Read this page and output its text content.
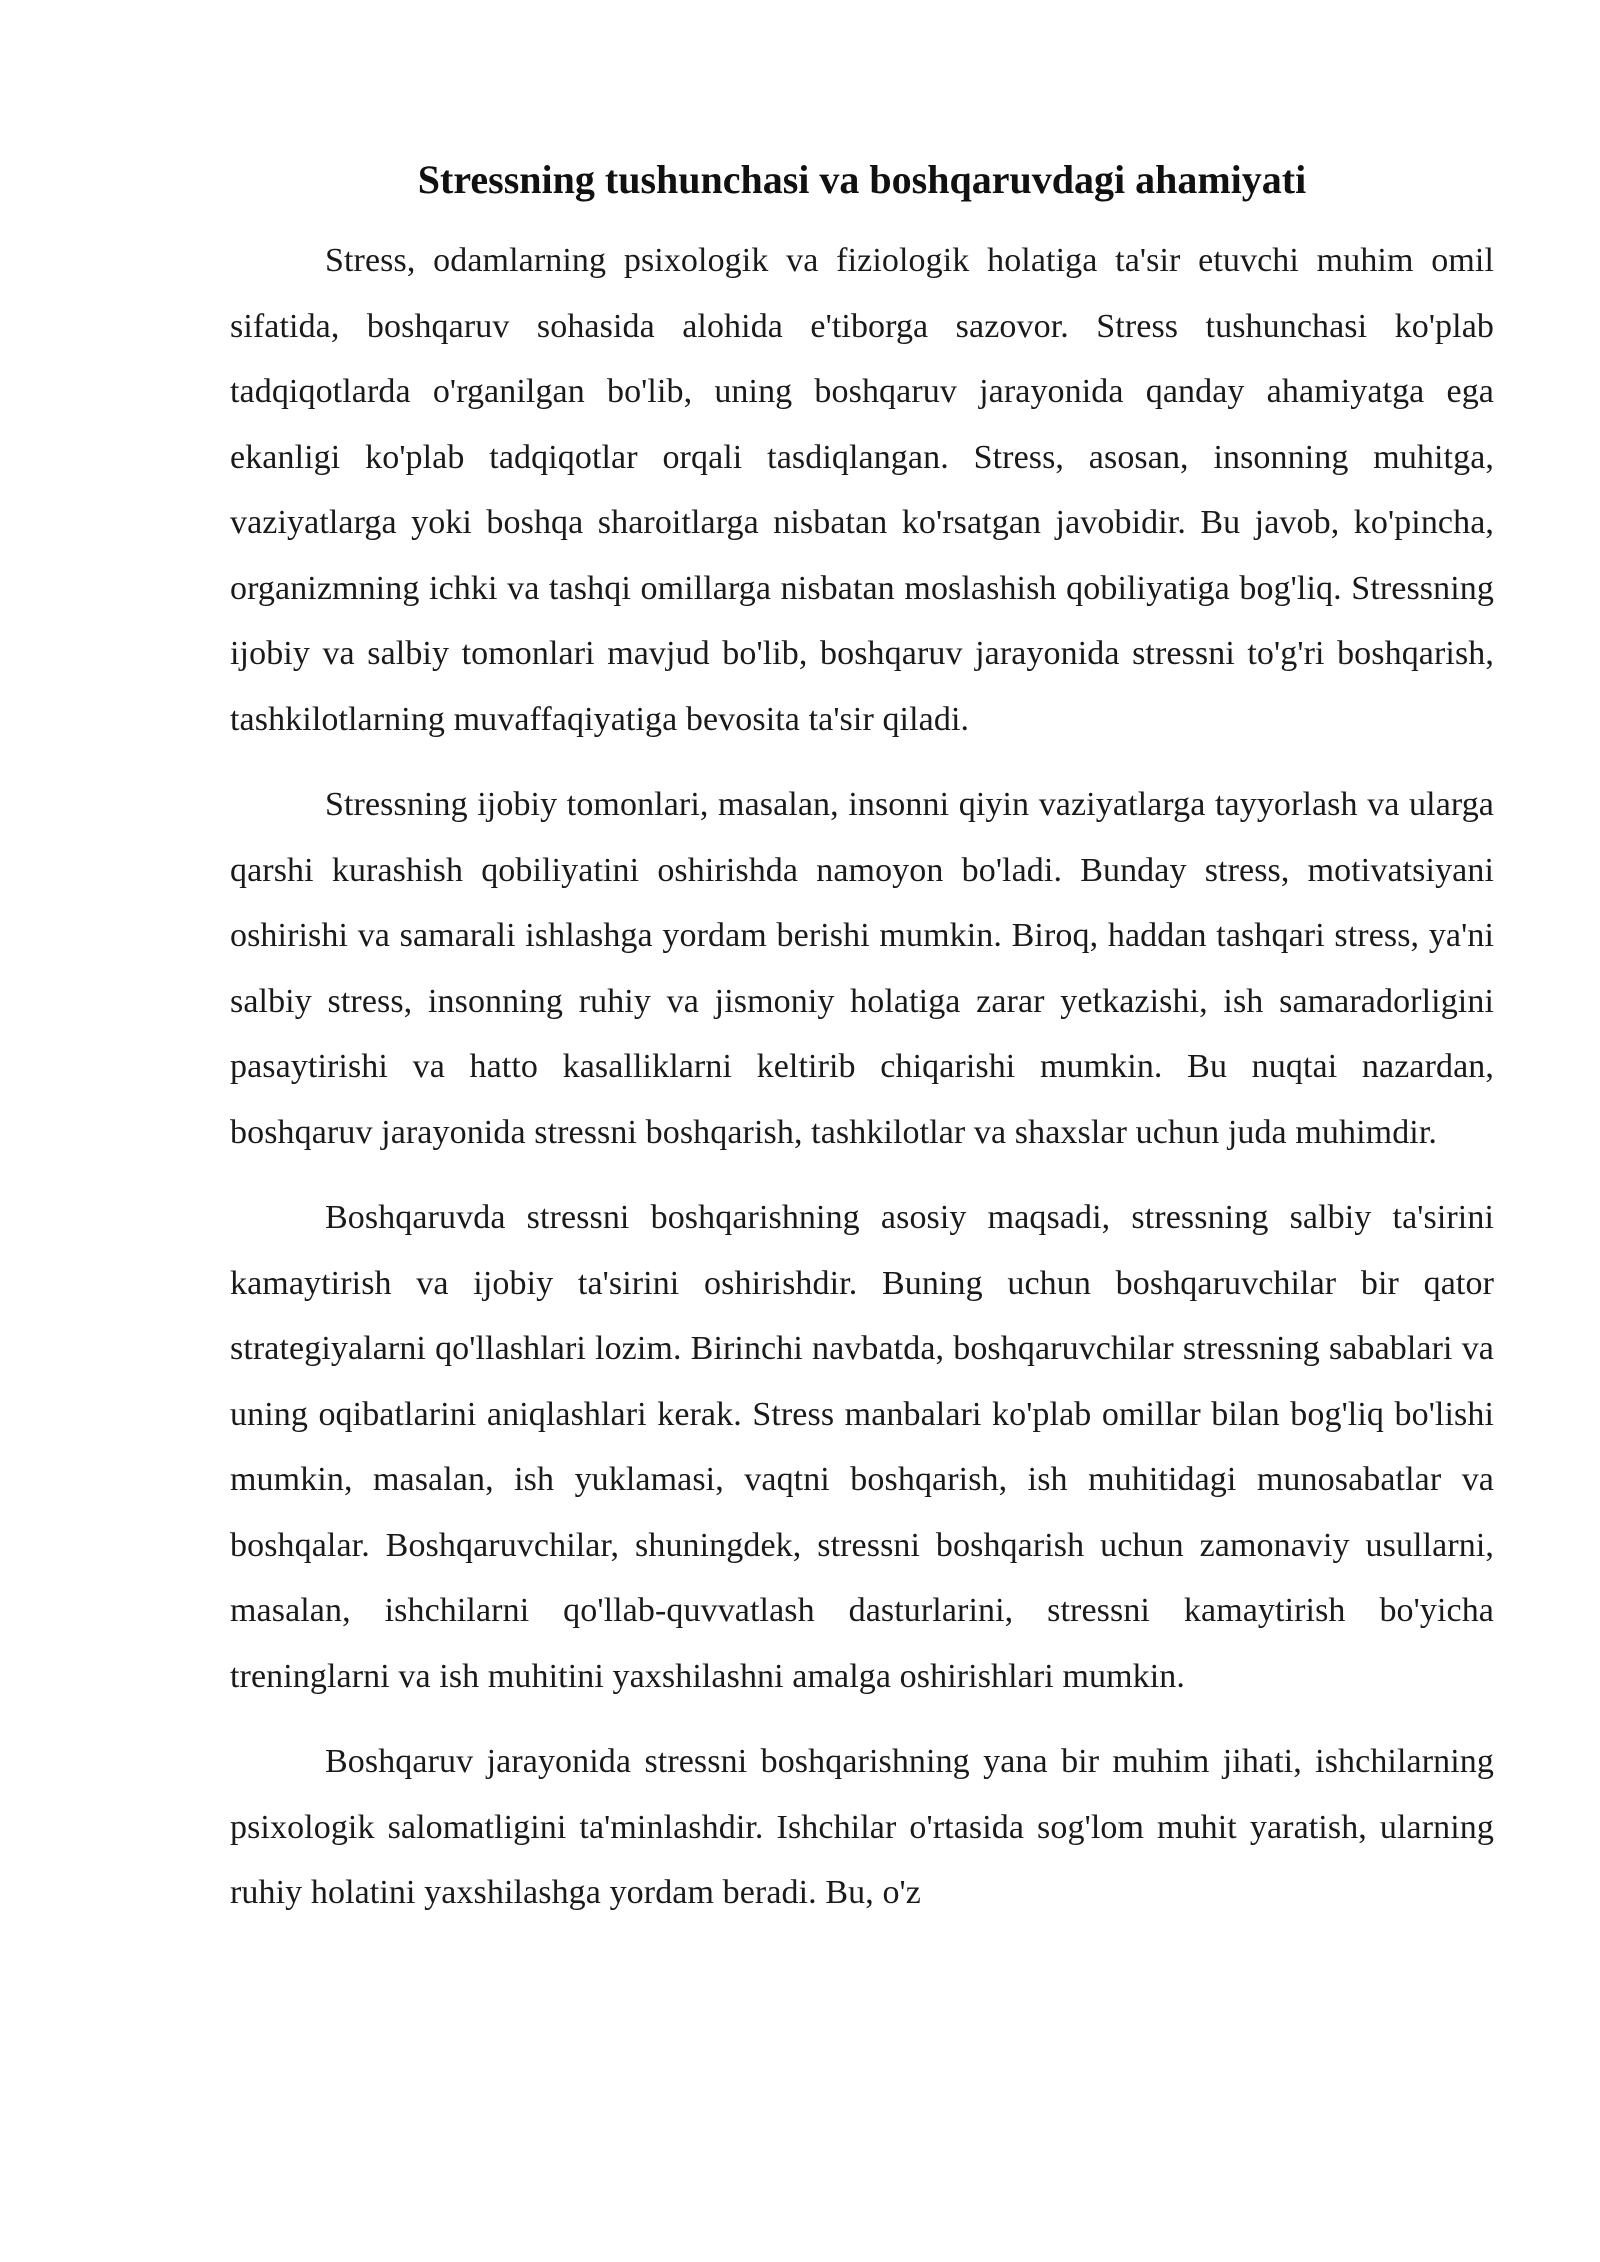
Stressning tushunchasi va boshqaruvdagi ahamiyati

Stress, odamlarning psixologik va fiziologik holatiga ta'sir etuvchi muhim omil sifatida, boshqaruv sohasida alohida e'tiborga sazovor. Stress tushunchasi ko'plab tadqiqotlarda o'rganilgan bo'lib, uning boshqaruv jarayonida qanday ahamiyatga ega ekanligi ko'plab tadqiqotlar orqali tasdiqlangan. Stress, asosan, insonning muhitga, vaziyatlarga yoki boshqa sharoitlarga nisbatan ko'rsatgan javobidir. Bu javob, ko'pincha, organizmning ichki va tashqi omillarga nisbatan moslashish qobiliyatiga bog'liq. Stressning ijobiy va salbiy tomonlari mavjud bo'lib, boshqaruv jarayonida stressni to'g'ri boshqarish, tashkilotlarning muvaffaqiyatiga bevosita ta'sir qiladi.

Stressning ijobiy tomonlari, masalan, insonni qiyin vaziyatlarga tayyorlash va ularga qarshi kurashish qobiliyatini oshirishda namoyon bo'ladi. Bunday stress, motivatsiyani oshirishi va samarali ishlashga yordam berishi mumkin. Biroq, haddan tashqari stress, ya'ni salbiy stress, insonning ruhiy va jismoniy holatiga zarar yetkazishi, ish samaradorligini pasaytirishi va hatto kasalliklarni keltirib chiqarishi mumkin. Bu nuqtai nazardan, boshqaruv jarayonida stressni boshqarish, tashkilotlar va shaxslar uchun juda muhimdir.

Boshqaruvda stressni boshqarishning asosiy maqsadi, stressning salbiy ta'sirini kamaytirish va ijobiy ta'sirini oshirishdir. Buning uchun boshqaruvchilar bir qator strategiyalarni qo'llashlari lozim. Birinchi navbatda, boshqaruvchilar stressning sabablari va uning oqibatlarini aniqlashlari kerak. Stress manbalari ko'plab omillar bilan bog'liq bo'lishi mumkin, masalan, ish yuklamasi, vaqtni boshqarish, ish muhitidagi munosabatlar va boshqalar. Boshqaruvchilar, shuningdek, stressni boshqarish uchun zamonaviy usullarni, masalan, ishchilarni qo'llab-quvvatlash dasturlarini, stressni kamaytirish bo'yicha treninglarni va ish muhitini yaxshilashni amalga oshirishlari mumkin.

Boshqaruv jarayonida stressni boshqarishning yana bir muhim jihati, ishchilarning psixologik salomatligini ta'minlashdir. Ishchilar o'rtasida sog'lom muhit yaratish, ularning ruhiy holatini yaxshilashga yordam beradi. Bu, o'z
